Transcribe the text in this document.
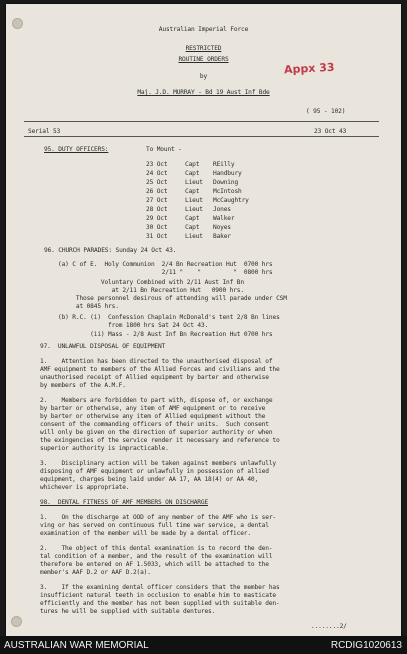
Australian Imperial Force
RESTRICTED
ROUTINE ORDERS
by
Maj. J.D. MURRAY - Bd 19 Aust Inf Bde
Appx 33
( 95 - 102)
Serial 53	23 Oct 43
95. DUTY OFFICERS:	To Mount -
23 Oct	Capt REilly
24 Oct	Capt Handbury
25 Oct	Lieut Downing
26 Oct	Capt McIntosh
27 Oct	Lieut McCaughtry
28 Oct	Lieut Jones
29 Oct	Capt Walker
30 Oct	Capt Noyes
31 Oct	Lieut Baker
96. CHURCH PARADES: Sunday 24 Oct 43.
(a) C of E.  Holy Communion  2/4 Bn Recreation Hut  0700 hrs
2/11 "    "         "  0800 hrs
Voluntary Combined with 2/11 Aust Inf Bn
at 2/11 Bn Recreation Hut   0900 hrs.
Those personnel desirous of attending will parade under CSM
at 0845 hrs.
(b) R.C. (i)  Confession Chaplain McDonald's tent 2/8 Bn lines
from 1800 hrs Sat 24 Oct 43.
(ii) Mass - 2/8 Aust Inf Bn Recreation Hut 0700 hrs
97.  UNLAWFUL DISPOSAL OF EQUIPMENT
1.    Attention has been directed to the unauthorised disposal of
AMF equipment to members of the Allied Forces and civilians and the
unauthorised receipt of Allied equipment by barter and otherwise
by members of the A.M.F.
2.    Members are forbidden to part with, dispose of, or exchange
by barter or otherwise, any item of AMF equipment or to receive
by barter or otherwise any item of Allied equipment without the
consent of the commanding officers of their units.  Such consent
will only be given on the direction of superior authority or when
the exingencies of the service render it necessary and reference to
superior authority is impracticable.
3.    Disciplinary action will be taken against members unlawfully
disposing of AMF equipment or unlawfully in possession of allied
equipment, charges being laid under AA 17, AA 18(4) or AA 40,
whichever is appropriate.
98.  DENTAL FITNESS OF AMF MEMBERS ON DISCHARGE
1.    On the discharge at OOD of any member of the AMF who is ser-
ving or has served on continuous full time war service, a dental
examination of the member will be made by a dental officer.
2.    The object of this dental examination is to record the den-
tal condition of a member, and the result of the examination will
therefore be entered on AF 1.5033, which will be attached to the
member's AAF D.2 or AAF D.2(a).
3.    If the examining dental officer considers that the member has
insufficient natural teeth in occlusion to enable him to masticate
efficiently and the member has not been supplied with suitable den-
tures he will be supplied with suitable dentures.
........2/
AUSTRALIAN WAR MEMORIAL	RCDIG1020613
